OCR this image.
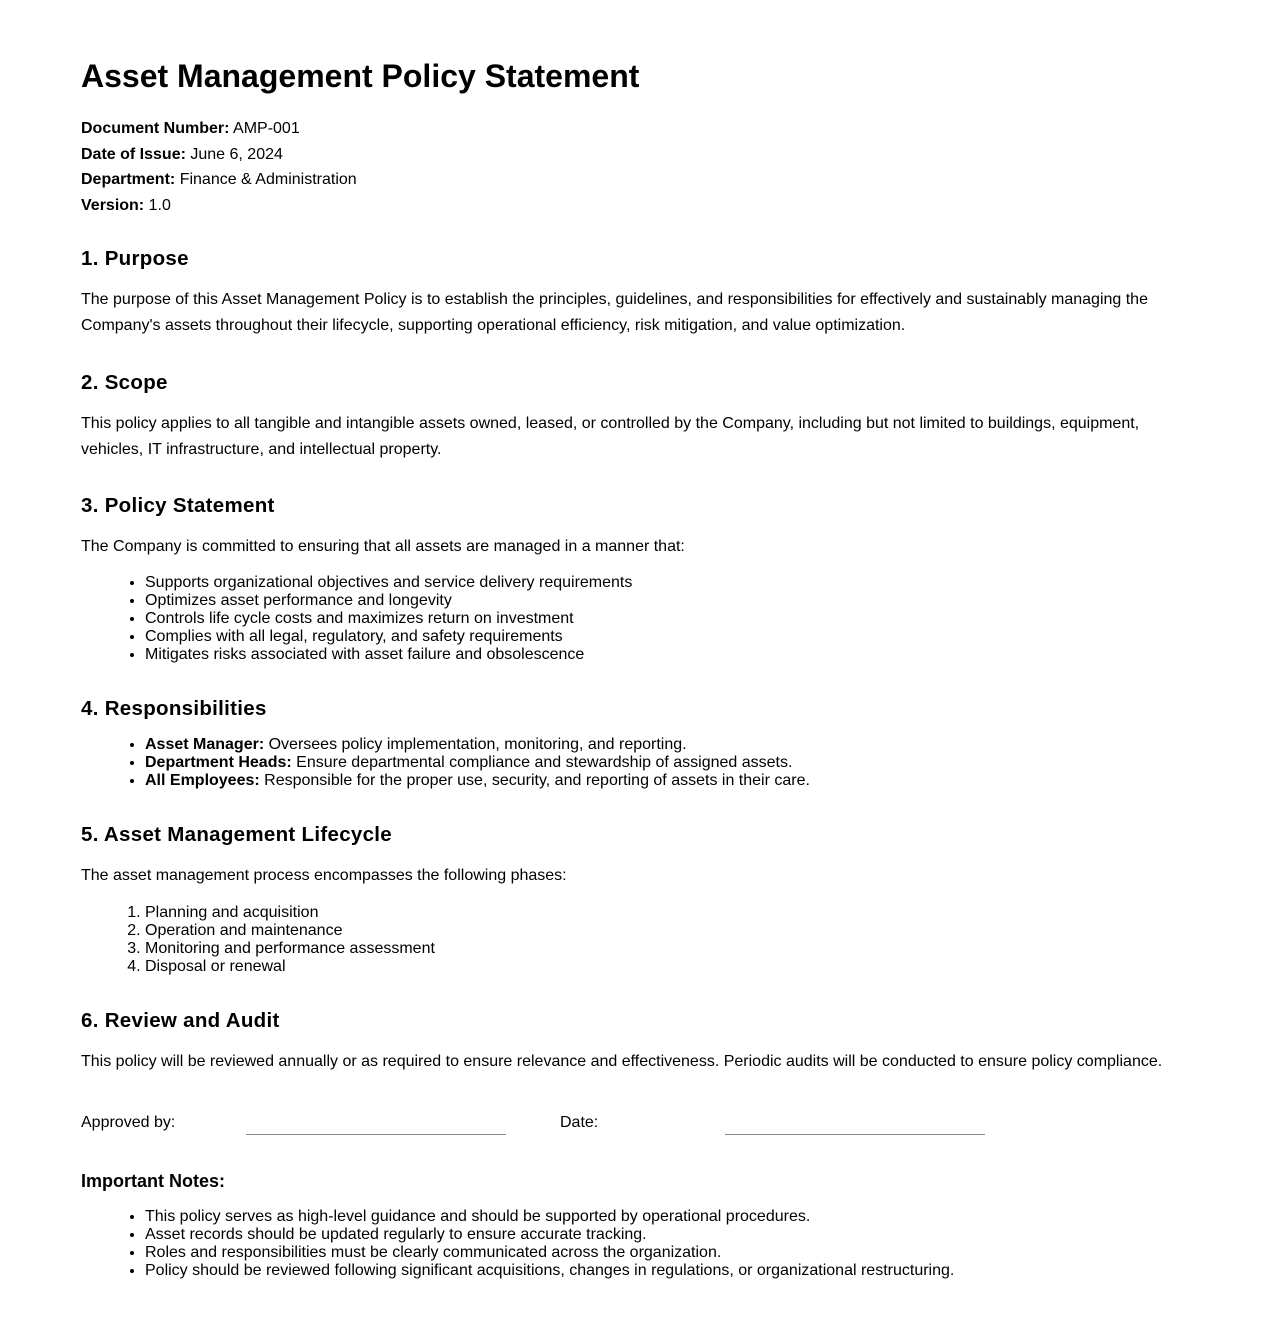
Asset Management Policy Statement
Document Number: AMP-001
Date of Issue: June 6, 2024
Department: Finance & Administration
Version: 1.0
1. Purpose

The purpose of this Asset Management Policy is to establish the principles, guidelines, and responsibilities for effectively and sustainably managing the Company's assets throughout their lifecycle, supporting operational efficiency, risk mitigation, and value optimization.

2. Scope

This policy applies to all tangible and intangible assets owned, leased, or controlled by the Company, including but not limited to buildings, equipment, vehicles, IT infrastructure, and intellectual property.

3. Policy Statement

The Company is committed to ensuring that all assets are managed in a manner that:

• Supports organizational objectives and service delivery requirements
• Optimizes asset performance and longevity
• Controls life cycle costs and maximizes return on investment
• Complies with all legal, regulatory, and safety requirements
• Mitigates risks associated with asset failure and obsolescence
4. Responsibilities
• Asset Manager: Oversees policy implementation, monitoring, and reporting.
• Department Heads: Ensure departmental compliance and stewardship of assigned assets.
• All Employees: Responsible for the proper use, security, and reporting of assets in their care.
5. Asset Management Lifecycle

The asset management process encompasses the following phases:

1. Planning and acquisition
2. Operation and maintenance
3. Monitoring and performance assessment
4. Disposal or renewal
6. Review and Audit

This policy will be reviewed annually or as required to ensure relevance and effectiveness. Periodic audits will be conducted to ensure policy compliance.

Approved by:	Date:
Important Notes:
• This policy serves as high-level guidance and should be supported by operational procedures.
• Asset records should be updated regularly to ensure accurate tracking.
• Roles and responsibilities must be clearly communicated across the organization.
• Policy should be reviewed following significant acquisitions, changes in regulations, or organizational restructuring.
